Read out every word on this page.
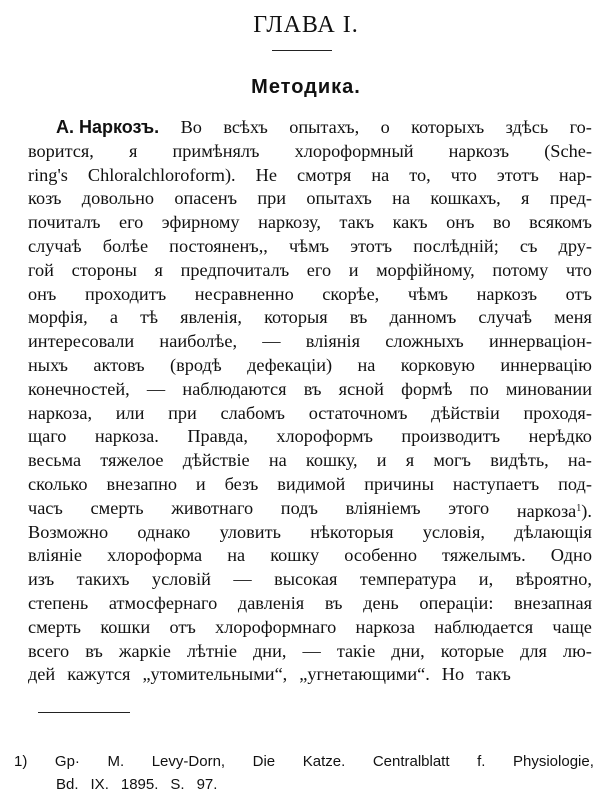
ГЛАВА I.
Методика.
А. Наркозъ. Во всѣхъ опытахъ, о которыхъ здѣсь го-
ворится, я примѣнялъ хлороформный наркозъ (Sche-
ring's Chloralchloroform). Не смотря на то, что этотъ нар-
козъ довольно опасенъ при опытахъ на кошкахъ, я пред-
почиталъ его эфирному наркозу, такъ какъ онъ во всякомъ
случаѣ болѣе постояненъ,, чѣмъ этотъ послѣдній; съ дру-
гой стороны я предпочиталъ его и морфійному, потому что
онъ проходитъ несравненно скорѣе, чѣмъ наркозъ отъ
морфія, а тѣ явленія, которыя въ данномъ случаѣ меня
интересовали наиболѣе, — вліянія сложныхъ иннерваціон-
ныхъ актовъ (вродѣ дефекаціи) на корковую иннервацію
конечностей, — наблюдаются въ ясной формѣ по миновании
наркоза, или при слабомъ остаточномъ дѣйствіи проходя-
щаго наркоза. Правда, хлороформъ производитъ нерѣдко
весьма тяжелое дѣйствіе на кошку, и я могъ видѣть, на-
сколько внезапно и безъ видимой причины наступаетъ под-
часъ смерть животнаго подъ вліяніемъ этого наркоза$^1$).
Возможно однако уловить нѣкоторыя условія, дѣлающія
вліяніе хлороформа на кошку особенно тяжелымъ. Одно
изъ такихъ условій — высокая температура и, вѣроятно,
степень атмосфернаго давленія въ день операціи: внезапная
смерть кошки отъ хлороформнаго наркоза наблюдается чаще
всего въ жаркіе лѣтніе дни, — такіе дни, которые для лю-
дей кажутся „утомительными“, „угнетающими“. Но такъ
1) Gp· M. Levy-Dorn, Die Katze. Centralblatt f. Physiologie,
Bd. IX. 1895. S. 97.
